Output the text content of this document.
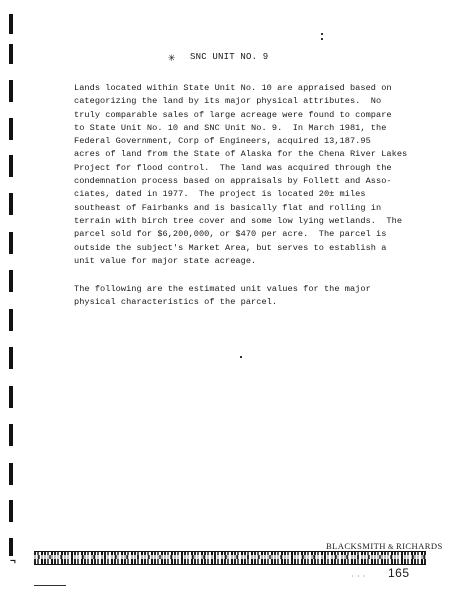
✳ SNC UNIT NO. 9
Lands located within State Unit No. 10 are appraised based on
categorizing the land by its major physical attributes.  No
truly comparable sales of large acreage were found to compare
to State Unit No. 10 and SNC Unit No. 9.  In March 1981, the
Federal Government, Corp of Engineers, acquired 13,187.95
acres of land from the State of Alaska for the Chena River Lakes
Project for flood control.  The land was acquired through the
condemnation process based on appraisals by Follett and Asso-
ciates, dated in 1977.  The project is located 20± miles
southeast of Fairbanks and is basically flat and rolling in
terrain with birch tree cover and some low lying wetlands.  The
parcel sold for $6,200,000, or $470 per acre.  The parcel is
outside the subject's Market Area, but serves to establish a
unit value for major state acreage.
The following are the estimated unit values for the major
physical characteristics of the parcel.
BLACKSMITH & RICHARDS
¬
··· 165
